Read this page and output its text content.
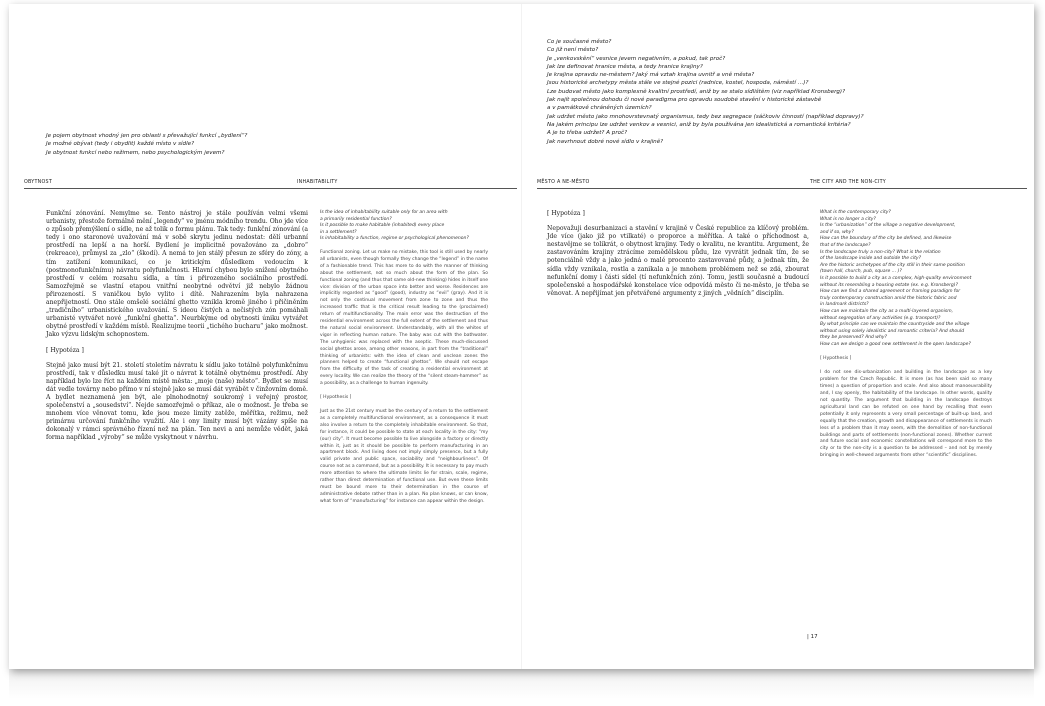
Je pojem obytnost vhodný jen pro oblasti s převažující funkcí „bydlení“?
Je možné obývat (tedy i obydlit) každé místo v sídle?
Je obytnost funkcí nebo režimem, nebo psychologickým jevem?
OBYTNOST	INHABITABILITY

Funkční zónování. Nemylme se. Tento nástroj je stále používán velmi všemi urbanisty, přestože formálně mění „legendy“ ve jménu módního trendu. Oho jde více o způsob přemýšlení o sídle, ne až tolik o formu plánu. Tak tedy: funkční zónování (a tedy i ono staronové uvažování má v sobě skrytu jedinu nedostat: dělí urbanní prostředí na lepší a na horší. Bydlení je implicitně považováno za „dobro“ (rekreace), průmysl za „zlo“ (škodí). A nemá to jen stálý přesun ze sféry do zóny, a tím zatížení komunikací, co je kritickým důsledkem vedoucím k (postmonofunkčnímu) návratu polyfunkčnosti. Hlavní chybou bylo snížení obytného prostředí v celém rozsahu sídla, a tím i přirozeného sociálního prostředí. Samozřejmě se vlastní etapou vnitřní neobytné odvětví již nebylo žádnou přirozeností. S vaničkou bylo vylito i dítě. Nahrazením byla nahrazena anepřijetností. Ono stále omšelé sociální ghetto vznikla kromě jiného i přičiněním „tradičního“ urbanistického uvažování. S ideou čistých a nečistých zón pomáhali urbanisté vytvářet nové „funkční ghetta“. Neurbkýme od obytnosti úniku vytvářet obytné prostředí v každém místě. Realizujme teorii „tichého bucharu“ jako možnost. Jako výzvu lidským schopnostem.

[ Hypotéza ]

Stejně jako musí být 21. století stoletím návratu k sídlu jako totálně polyfunkčnímu prostředí, tak v důsledku musí také jít o návrat k totálně obytnému prostředí. Aby například bylo lze říct na každém místě města: „moje (naše) město“. Bydlet se musí dát vedle továrny nebo přímo v ní stejně jako se musí dát vyrábět v činžovním domě. A bydlet neznamená jen být, ale plnohodnotný soukromý i veřejný prostor, společenství a „sousedství“. Nejde samozřejmě o příkaz, ale o možnost. Je třeba se mnohem více věnovat tomu, kde jsou meze limity zatěže, měřítka, režimu, než primárnu určování funkčního využití. Ale i ony limity musí být vázány spíše na dokonalý v rámci správného řízení než na plán. Ten nevi a ani nemůže vědět, jaká forma například „výroby“ se může vyskytnout v návrhu.

Is the idea of inhabitability suitable only for an area with
a primarily residential function?
Is it possible to make habitable (inhabited) every place
in a settlement?
Is inhabitability a function, regime or psychological phenomenon?

Functional zoning. Let us make no mistake, this tool is still used by nearly all urbanists, even though formally they change the “legend” in the name of a fashionable trend. This has more to do with the manner of thinking about the settlement, not so much about the form of the plan. So functional zoning (and thus that same old-new thinking) hides in itself one vice: division of the urban space into better and worse. Residences are implicitly regarded as “good” (good), industry as “evil” (gray). And it is not only the continual movement from zone to zone and thus the increased traffic that is the critical result leading to the (proclaimed) return of multifunctionality. The main error was the destruction of the residential environment across the full extent of the settlement and thus the natural social environment. Understandably, with all the whites of vigor in reflecting human nature. The baby was cut with the bathwater. The unhygienic was replaced with the aseptic. These much-discussed social ghettos arose, among other reasons, in part from the “traditional” thinking of urbanists: with the idea of clean and unclean zones the planners helped to create “functional ghettos”. We should not escape from the difficulty of the task of creating a residential environment at every locality. We can realize the theory of the “silent steam-hammer” as a possibility, as a challenge to human ingenuity.

[ Hypothesis ]

Just as the 21st century must be the century of a return to the settlement as a completely multifunctional environment, as a consequence it must also involve a return to the completely inhabitable environment. So that, for instance, it could be possible to state at each locality in the city: “my (our) city”. It must become possible to live alongside a factory or directly within it, just as it should be possible to perform manufacturing in an apartment block. And living does not imply simply presence, but a fully valid private and public space, sociability and “neighbourliness”. Of course not as a command, but as a possibility. It is necessary to pay much more attention to where the ultimate limits lie for strain, scale, regime, rather than direct determination of functional use. But even these limits must be bound more to their determination in the course of administrative debate rather than in a plan. No plan knows, or can know, what form of “manufacturing” for instance can appear within the design.

Co je současné město?
Co již není město?
Je „venkovskění“ vesnice jevem negativním, a pokud, tak proč?
Jak lze definovat hranice města, a tedy hranice krajiny?
Je krajina opravdu ne-městem? Jaký má vztah krajina uvnitř a vně města?
Jsou historické archetypy města stále ve stejné pozici (radnice, kostel, hospoda, náměstí …)?
Lze budovat město jako komplexně kvalitní prostředí, aniž by se stalo sídlištěm (viz například Kronsberg)?
Jak najít společnou dohodu či nové paradigma pro opravdu soudobé stavění v historické zástavbě
a v památkově chráněných územích?
Jak udržet město jako mnohovrstevnatý organismus, tedy bez segregace (sáčkoviv činností (například dopravy)?
Na jakém principu lze udržet venkov a vesnici, aniž by byla používána jen idealistická a romantická kritéria?
A je to třeba udržet? A proč?
Jak navrhnout dobré nové sídlo v krajině?
MĚSTO A NE-MĚSTO	THE CITY AND THE NON-CITY

[ Hypotéza ]

Nepovažuji desurbanizaci a stavění v krajině v České republice za klíčový problém. Jde více (jako již po vtilkaté) o proporce a měřítka. A také o příchodnost a, nestavějme se tolikrát, o obytnost krajiny. Tedy o kvalitu, ne kvantitu. Argument, že zastavováním krajiny ztrácíme zemědělskou půdu, lze vyvrátit jednak tím, že se potenciálně vždy a jako jedná o malé procento zastavované půdy, a jednak tím, že sídla vždy vznikala, rostla a zanikala a je mnohem problémem než se zdá, zbourat nefunkční domy i části sídel (tí nefunkčních zón). Tomu, jestli současné a budoucí společenské a hospodářské konstelace více odpovídá město či ne-město, je třeba se věnovat. A nepřijímat jen přetvářené argumenty z jiných „vědních“ disciplín.

What is the contemporary city?
What is no longer a city?
Is the “urbanization” of the village a negative development,
and if so, why?
How can the boundary of the city be defined, and likewise
that of the landscape?
Is the landscape truly a non-city? What is the relation
of the landscape inside and outside the city?
Are the historic archetypes of the city still in their same position
(town hall, church, pub, square … )?
Is it possible to build a city as a complex, high-quality environment
without its resembling a housing estate (ex. e.g. Kronsberg)?
How can we find a shared agreement or framing paradigm for
truly contemporary construction amid the historic fabric and
in landmark districts?
How can we maintain the city as a multi-layered organism,
without segregation of any activities (e.g. transport)?
By what principle can we maintain the countryside and the village
without using solely idealistic and romantic criteria? And should
they be preserved? And why?
How can we design a good new settlement in the open landscape?

[ Hypothesis ]

I do not see dis-urbanization and building in the landscape as a key problem for the Czech Republic. It is more (as has been said so many times) a question of proportion and scale. And also about manoeuvrability and, I say openly, the habitability of the landscape. In other words, quality not quantity. The argument that building in the landscape destroys agricultural land can be refuted on one hand by recalling that even potentially it only represents a very small percentage of built-up land, and equally that the creation, growth and disappearance of settlements is much less of a problem than it may seem, with the demolition of non-functional buildings and parts of settlements (non-functional zones). Whether current and future social and economic constellations will correspond more to the city or to the non-city is a question to be addressed – and not by merely bringing in well-chewed arguments from other “scientific” disciplines.

| 17
